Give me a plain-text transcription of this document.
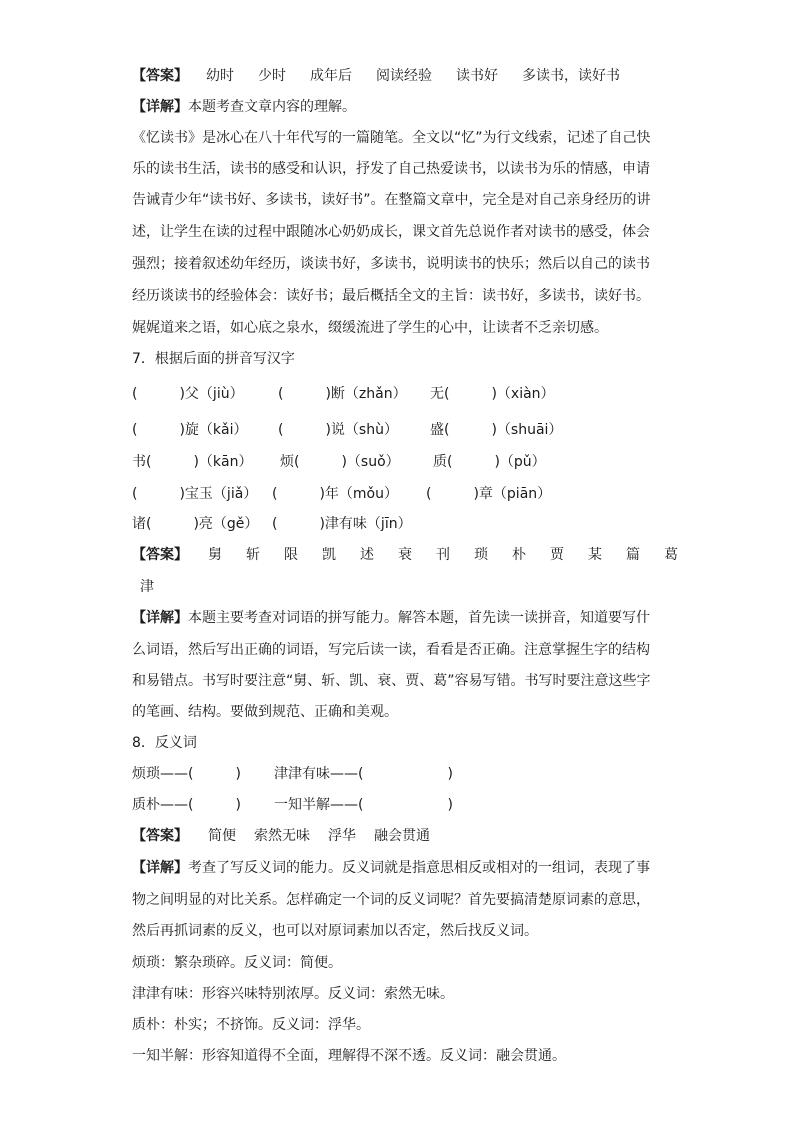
【答案】 幼时 少时 成年后 阅读经验 读书好 多读书，读好书
【详解】本题考查文章内容的理解。
《忆读书》是冰心在八十年代写的一篇随笔。全文以“忆”为行文线索，记述了自己快
乐的读书生活，读书的感受和认识，抒发了自己热爱读书，以读书为乐的情感，申请
告诫青少年“读书好、多读书，读好书”。在整篇文章中，完全是对自己亲身经历的讲
述，让学生在读的过程中跟随冰心奶奶成长，课文首先总说作者对读书的感受，体会
强烈；接着叙述幼年经历，谈读书好，多读书，说明读书的快乐；然后以自己的读书
经历谈读书的经验体会：读好书；最后概括全文的主旨：读书好，多读书，读好书。
娓娓道来之语，如心底之泉水，缀缓流进了学生的心中，让读者不乏亲切感。
7．根据后面的拼音写汉字
(　　　)父（jiù） (　　　)断（zhǎn） 无(　　　)（xiàn）
(　　　)旋（kǎi） (　　　)说（shù） 盛(　　　)（shuāi）
书(　　　)（kān） 烦(　　　)（suǒ） 质(　　　)（pǔ）
(　　　)宝玉（jiǎ） (　　　)年（mǒu） (　　　)章（piān）
诸(　　　)亮（gě） (　　　)津有味（jīn）
【答案】 舅 斩 限 凯 述 衰 刊 琐 朴 贾 某 篇 葛
津
【详解】本题主要考查对词语的拼写能力。解答本题，首先读一读拼音，知道要写什
么词语，然后写出正确的词语，写完后读一读，看看是否正确。注意掌握生字的结构
和易错点。书写时要注意“舅、斩、凯、衰、贾、葛”容易写错。书写时要注意这些字
的笔画、结构。要做到规范、正确和美观。
8．反义词
烦琐——(　　　) 津津有味——(　　　　　　)
质朴——(　　　) 一知半解——(　　　　　　)
【答案】 简便 索然无味 浮华 融会贯通
【详解】考查了写反义词的能力。反义词就是指意思相反或相对的一组词，表现了事
物之间明显的对比关系。怎样确定一个词的反义词呢？首先要搞清楚原词素的意思，
然后再抓词素的反义，也可以对原词素加以否定，然后找反义词。
烦琐：繁杂琐碎。反义词：简便。
津津有味：形容兴味特别浓厚。反义词：索然无味。
质朴：朴实；不挤饰。反义词：浮华。
一知半解：形容知道得不全面，理解得不深不透。反义词：融会贯通。
